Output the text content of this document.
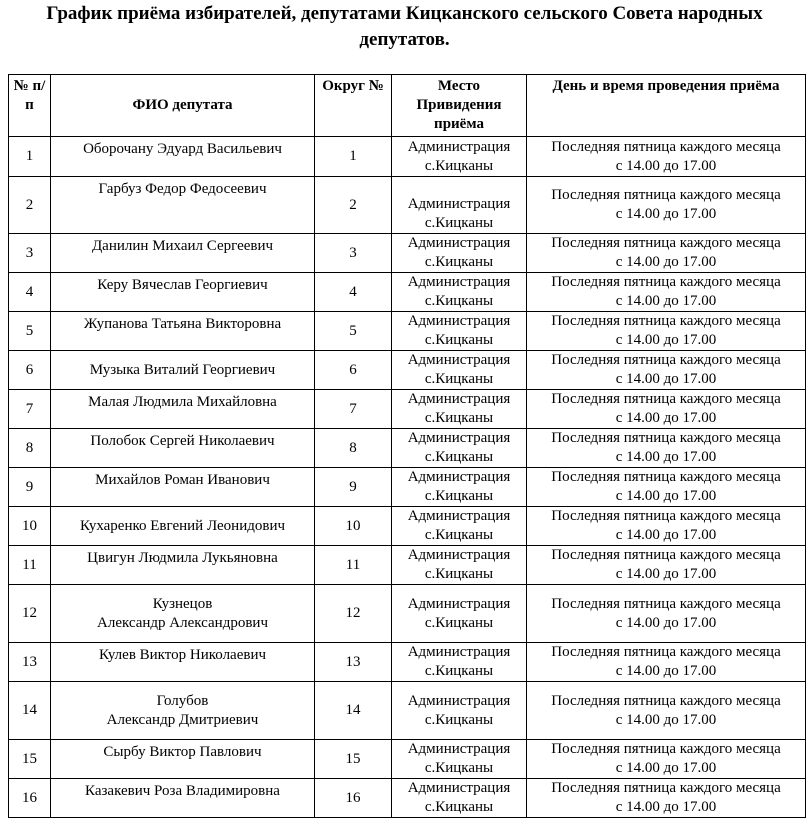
График приёма избирателей, депутатами Кицканского сельского Совета народных
депутатов.
№ п/п	ФИО депутата	Округ №	Место Привидения приёма	День и время проведения приёма
1	Оборочану Эдуард Васильевич	1	Администрация
с.Кицканы	Последняя пятница каждого месяца
с 14.00 до 17.00

2	Гарбуз Федор Федосеевич	2	Администрация
с.Кицканы	Последняя пятница каждого месяца
с 14.00 до 17.00

3	Данилин Михаил Сергеевич	3	Администрация
с.Кицканы	Последняя пятница каждого месяца
с 14.00 до 17.00

4	Керу Вячеслав Георгиевич	4	Администрация
с.Кицканы	Последняя пятница каждого месяца
с 14.00 до 17.00

5	Жупанова Татьяна Викторовна	5	Администрация
с.Кицканы	Последняя пятница каждого месяца
с 14.00 до 17.00

6	Музыка Виталий Георгиевич	6	Администрация
с.Кицканы	Последняя пятница каждого месяца
с 14.00 до 17.00

7	Малая Людмила Михайловна	7	Администрация
с.Кицканы	Последняя пятница каждого месяца
с 14.00 до 17.00

8	Полобок Сергей Николаевич	8	Администрация
с.Кицканы	Последняя пятница каждого месяца
с 14.00 до 17.00

9	Михайлов Роман Иванович	9	Администрация
с.Кицканы	Последняя пятница каждого месяца
с 14.00 до 17.00

10	Кухаренко Евгений Леонидович	10	Администрация
с.Кицканы	Последняя пятница каждого месяца
с 14.00 до 17.00

11	Цвигун Людмила Лукьяновна	11	Администрация
с.Кицканы	Последняя пятница каждого месяца
с 14.00 до 17.00

12	Кузнецов
Александр Александрович	12	Администрация
с.Кицканы	Последняя пятница каждого месяца
с 14.00 до 17.00

13	Кулев Виктор Николаевич	13	Администрация
с.Кицканы	Последняя пятница каждого месяца
с 14.00 до 17.00

14	Голубов
Александр Дмитриевич	14	Администрация
с.Кицканы	Последняя пятница каждого месяца
с 14.00 до 17.00

15	Сырбу Виктор Павлович	15	Администрация
с.Кицканы	Последняя пятница каждого месяца
с 14.00 до 17.00

16	Казакевич Роза Владимировна	16	Администрация
с.Кицканы	Последняя пятница каждого месяца
с 14.00 до 17.00
